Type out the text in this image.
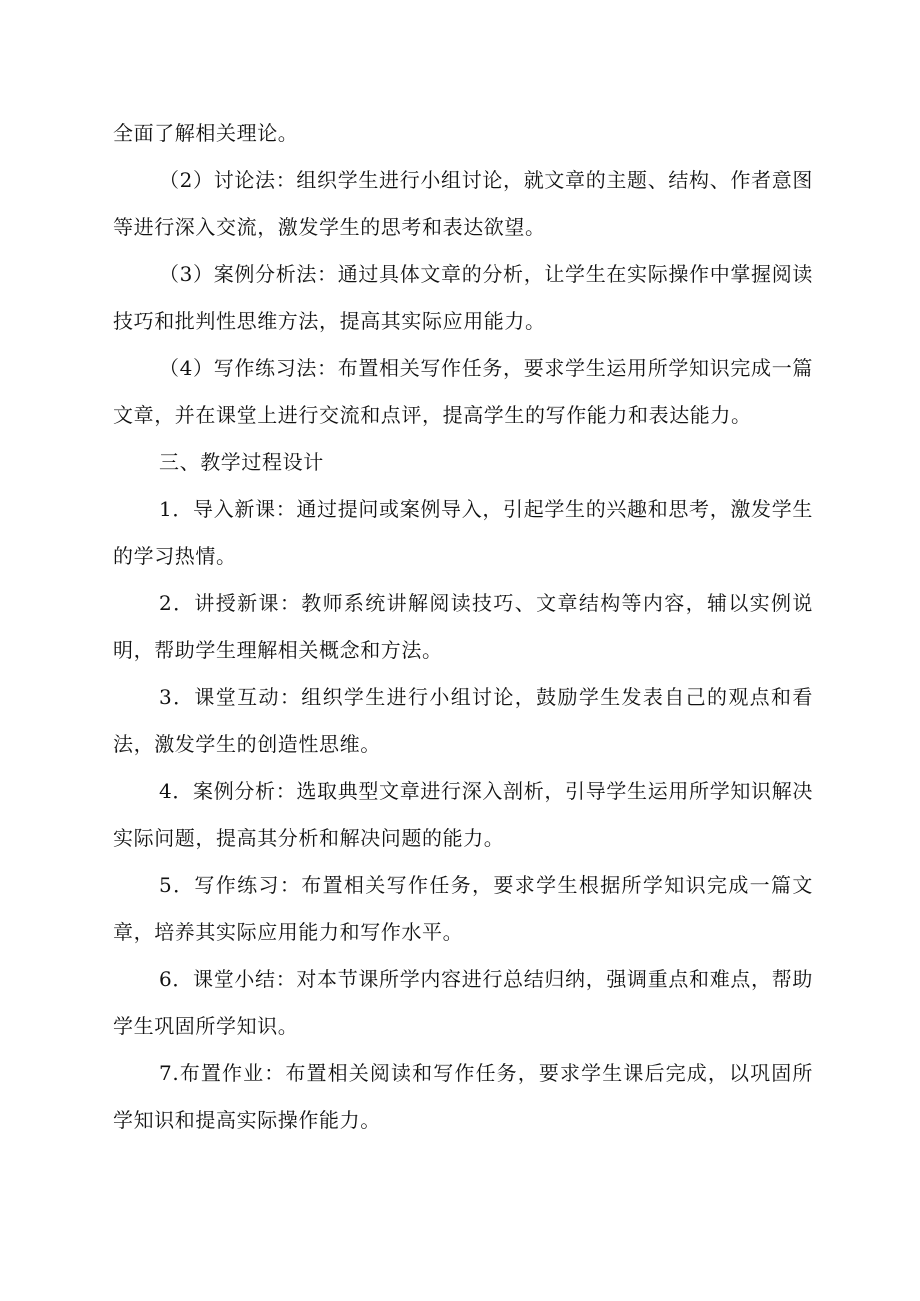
全面了解相关理论。

（2）讨论法：组织学生进行小组讨论，就文章的主题、结构、作者意图等进行深入交流，激发学生的思考和表达欲望。

（3）案例分析法：通过具体文章的分析，让学生在实际操作中掌握阅读技巧和批判性思维方法，提高其实际应用能力。

（4）写作练习法：布置相关写作任务，要求学生运用所学知识完成一篇文章，并在课堂上进行交流和点评，提高学生的写作能力和表达能力。

三、教学过程设计

1．导入新课：通过提问或案例导入，引起学生的兴趣和思考，激发学生的学习热情。

2．讲授新课：教师系统讲解阅读技巧、文章结构等内容，辅以实例说明，帮助学生理解相关概念和方法。

3．课堂互动：组织学生进行小组讨论，鼓励学生发表自己的观点和看法，激发学生的创造性思维。

4．案例分析：选取典型文章进行深入剖析，引导学生运用所学知识解决实际问题，提高其分析和解决问题的能力。

5．写作练习：布置相关写作任务，要求学生根据所学知识完成一篇文章，培养其实际应用能力和写作水平。

6．课堂小结：对本节课所学内容进行总结归纳，强调重点和难点，帮助学生巩固所学知识。

7.布置作业：布置相关阅读和写作任务，要求学生课后完成，以巩固所学知识和提高实际操作能力。
